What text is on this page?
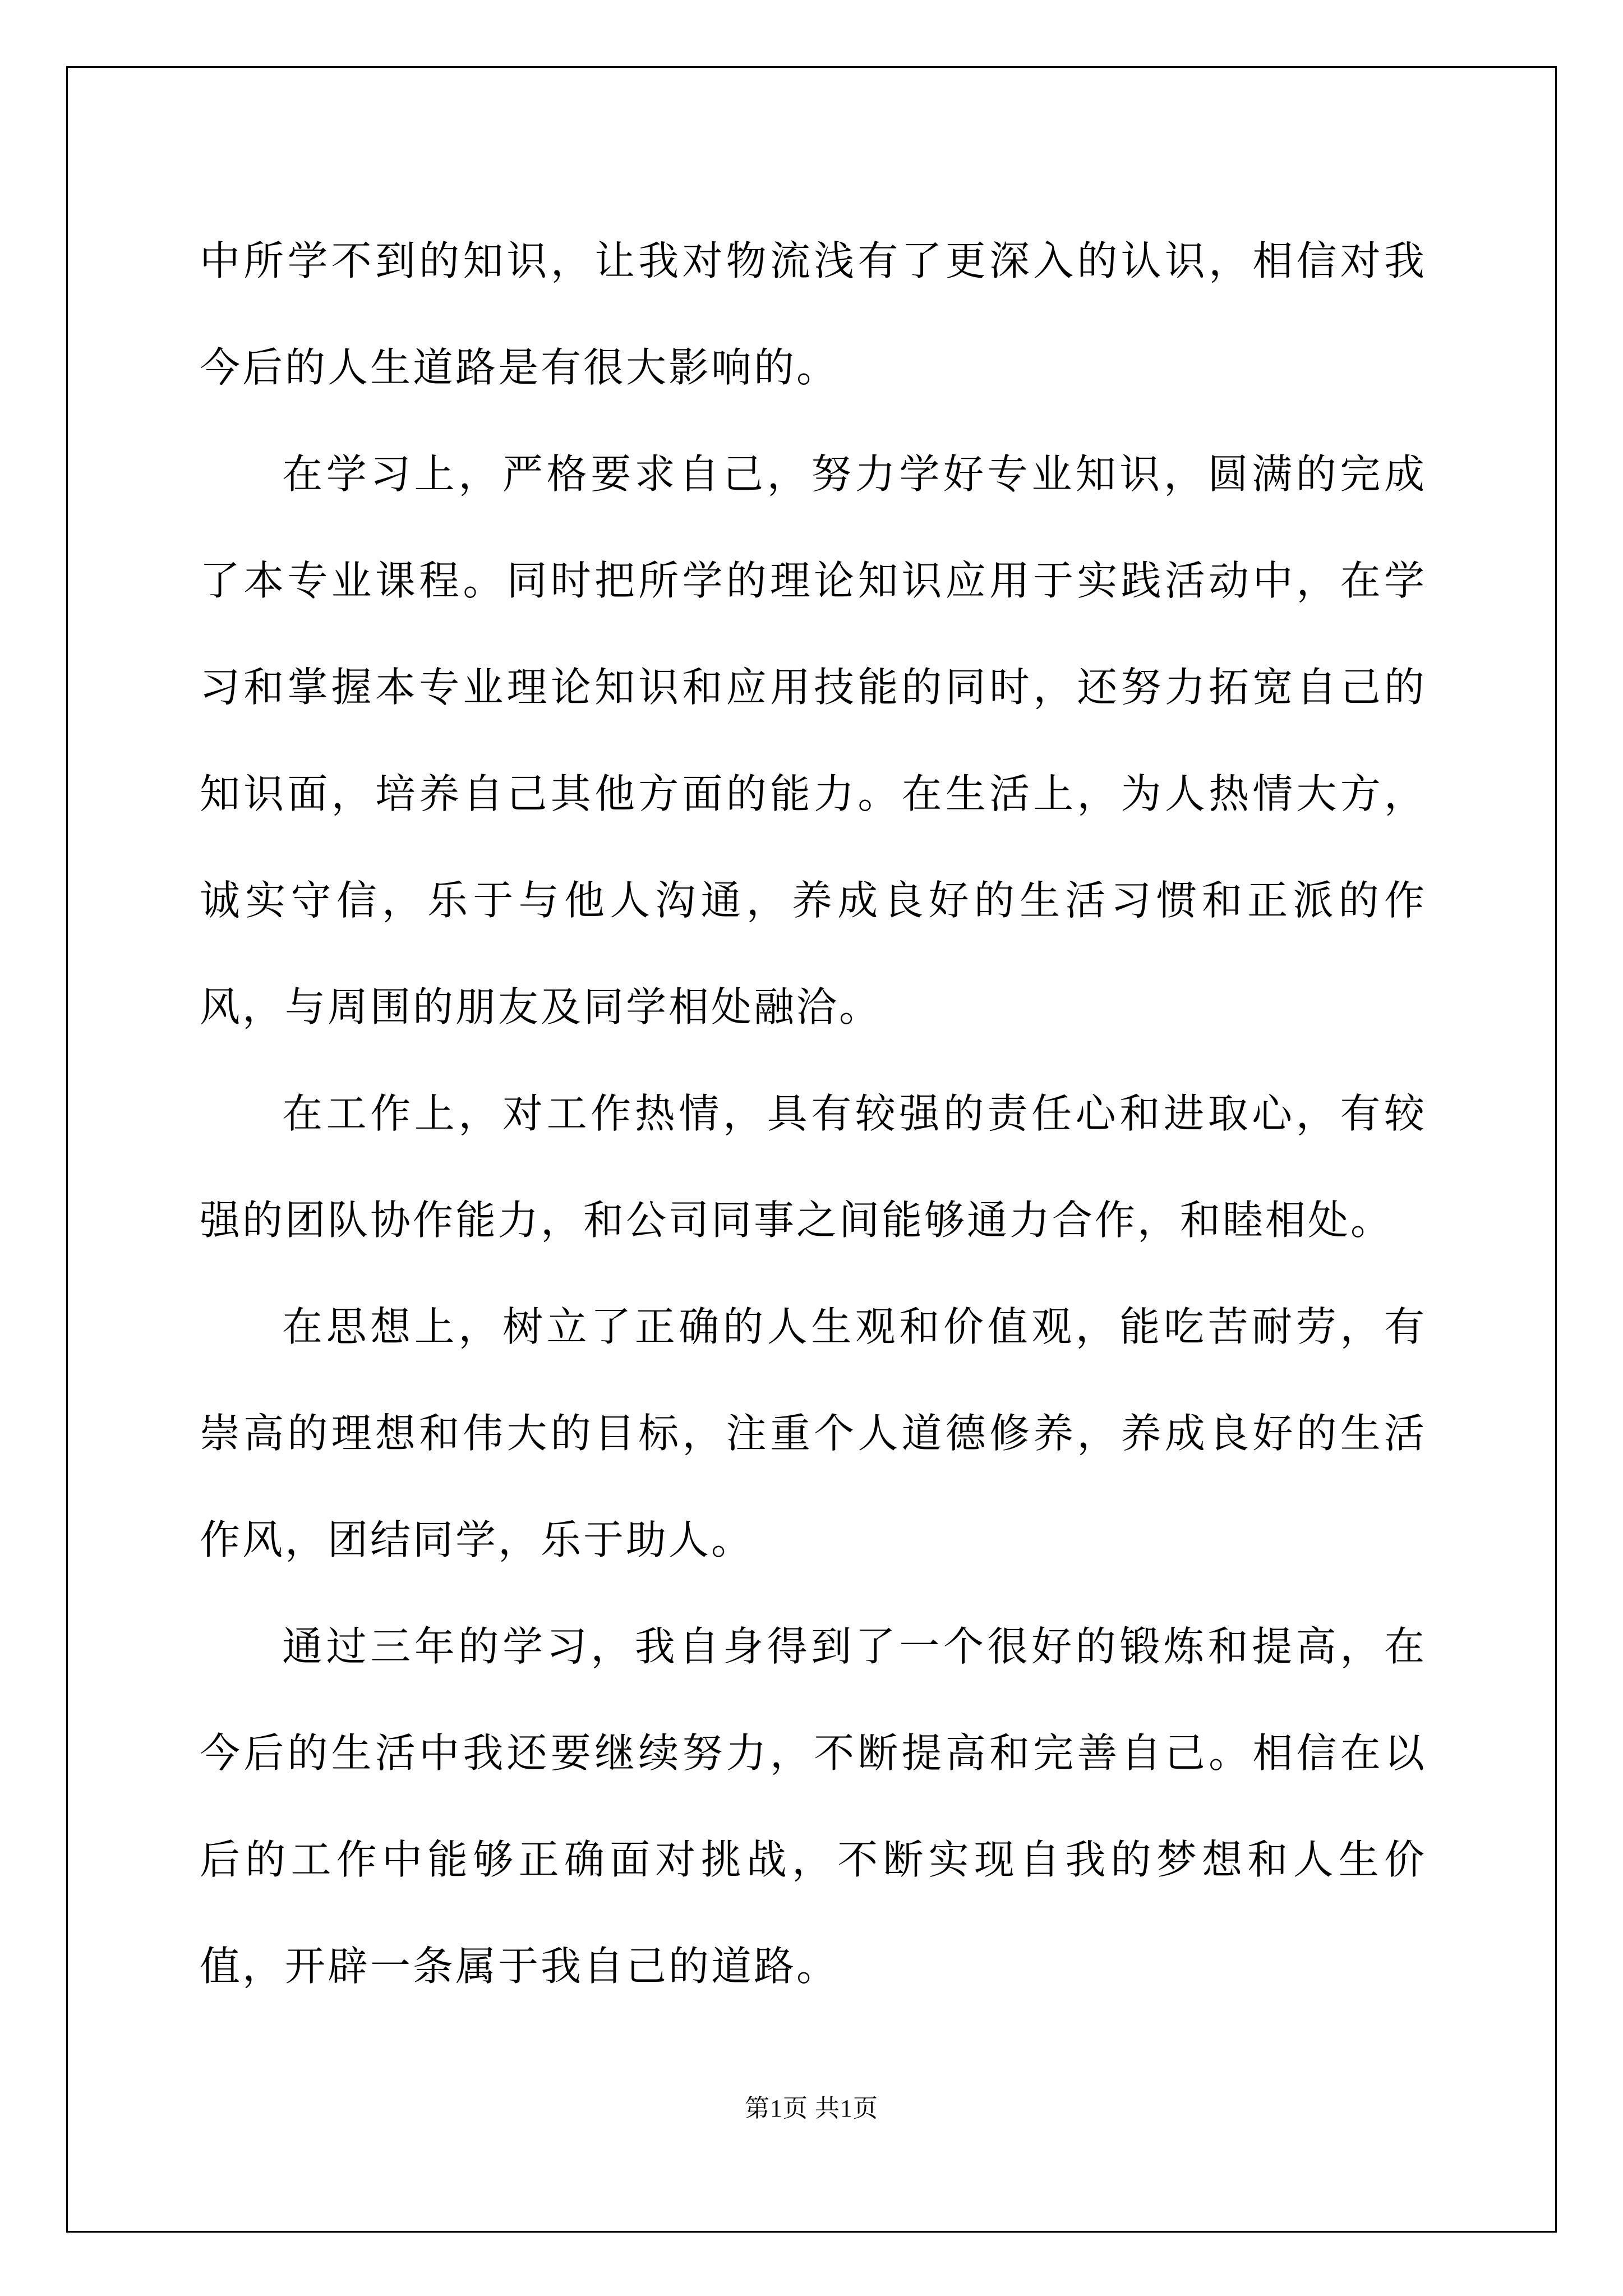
中所学不到的知识，让我对物流浅有了更深入的认识，相信对我今后的人生道路是有很大影响的。

在学习上，严格要求自己，努力学好专业知识，圆满的完成了本专业课程。同时把所学的理论知识应用于实践活动中，在学习和掌握本专业理论知识和应用技能的同时，还努力拓宽自己的知识面，培养自己其他方面的能力。在生活上，为人热情大方，诚实守信，乐于与他人沟通，养成良好的生活习惯和正派的作风，与周围的朋友及同学相处融洽。

在工作上，对工作热情，具有较强的责任心和进取心，有较强的团队协作能力，和公司同事之间能够通力合作，和睦相处。

在思想上，树立了正确的人生观和价值观，能吃苦耐劳，有崇高的理想和伟大的目标，注重个人道德修养，养成良好的生活作风，团结同学，乐于助人。

通过三年的学习，我自身得到了一个很好的锻炼和提高，在今后的生活中我还要继续努力，不断提高和完善自己。相信在以后的工作中能够正确面对挑战，不断实现自我的梦想和人生价值，开辟一条属于我自己的道路。

第1页 共1页
